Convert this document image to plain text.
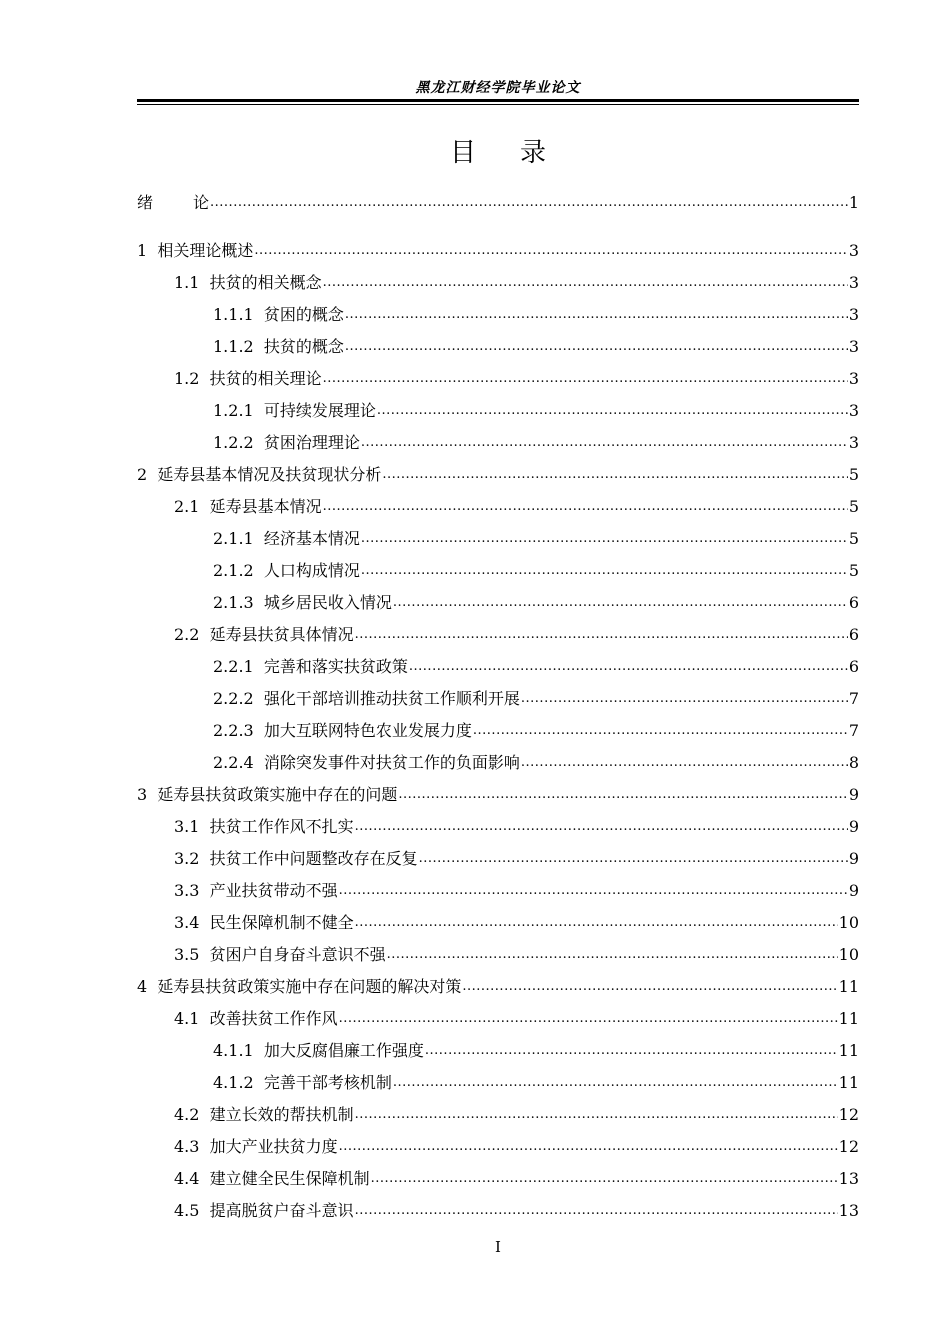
黑龙江财经学院毕业论文
目 录
绪	论 .....	1
1 相关理论概述 .....	3
1.1 扶贫的相关概念 .....	3
1.1.1 贫困的概念 .....	3
1.1.2 扶贫的概念 .....	3
1.2 扶贫的相关理论 .....	3
1.2.1 可持续发展理论 .....	3
1.2.2 贫困治理理论 .....	3
2 延寿县基本情况及扶贫现状分析 .....	5
2.1 延寿县基本情况 .....	5
2.1.1 经济基本情况 .....	5
2.1.2 人口构成情况 .....	5
2.1.3 城乡居民收入情况 .....	6
2.2 延寿县扶贫具体情况 .....	6
2.2.1 完善和落实扶贫政策 .....	6
2.2.2 强化干部培训推动扶贫工作顺利开展 .....	7
2.2.3 加大互联网特色农业发展力度 .....	7
2.2.4 消除突发事件对扶贫工作的负面影响 .....	8
3 延寿县扶贫政策实施中存在的问题 .....	9
3.1 扶贫工作作风不扎实 .....	9
3.2 扶贫工作中问题整改存在反复 .....	9
3.3 产业扶贫带动不强 .....	9
3.4 民生保障机制不健全 .....	10
3.5 贫困户自身奋斗意识不强 .....	10
4 延寿县扶贫政策实施中存在问题的解决对策 .....	11
4.1 改善扶贫工作作风 .....	11
4.1.1 加大反腐倡廉工作强度 .....	11
4.1.2 完善干部考核机制 .....	11
4.2 建立长效的帮扶机制 .....	12
4.3 加大产业扶贫力度 .....	12
4.4 建立健全民生保障机制 .....	13
4.5 提高脱贫户奋斗意识 .....	13
I
